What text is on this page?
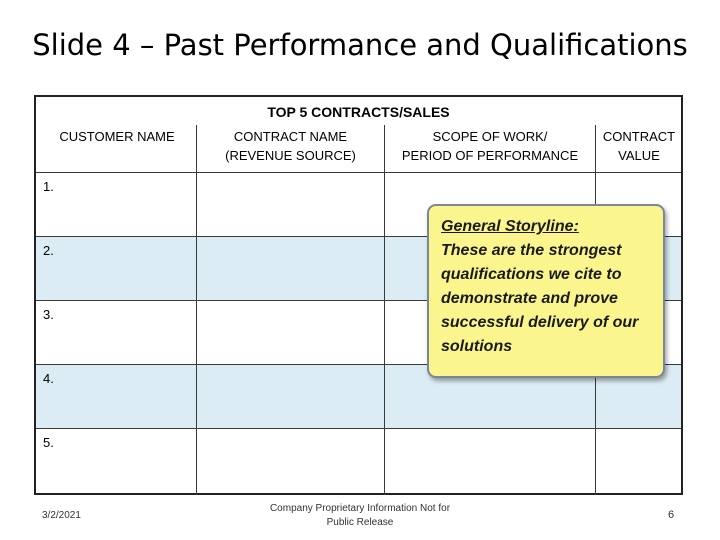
Slide 4 – Past Performance and Qualifications
TOP 5 CONTRACTS/SALES
CUSTOMER NAME	CONTRACT NAME
(REVENUE SOURCE)
SCOPE OF WORK/
PERIOD OF PERFORMANCE
CONTRACT
VALUE
1.
2.
3.
4.
5.
General Storyline:
These are the strongest qualifications we cite to demonstrate and prove successful delivery of our solutions
3/2/2021
Company Proprietary Information Not for
Public Release
6
